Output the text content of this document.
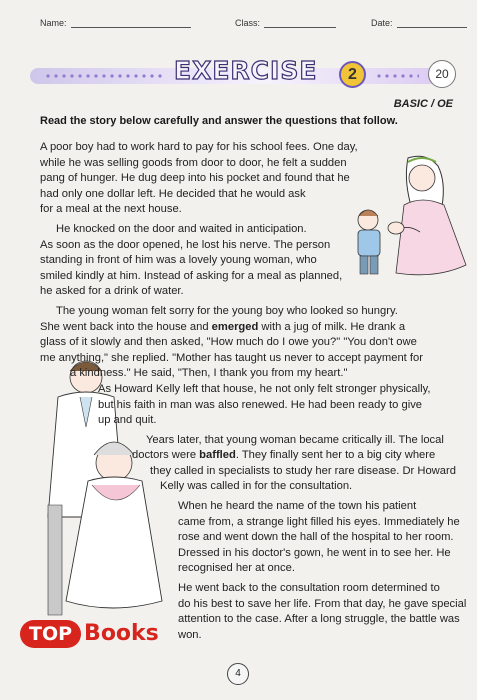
Name:	Class:	Date:
EXERCISE	2	20
BASIC / OE
Read the story below carefully and answer the questions that follow.
A poor boy had to work hard to pay for his school fees. One day,
while he was selling goods from door to door, he felt a sudden
pang of hunger. He dug deep into his pocket and found that he
had only one dollar left. He decided that he would ask
for a meal at the next house.
He knocked on the door and waited in anticipation.
As soon as the door opened, he lost his nerve. The person
standing in front of him was a lovely young woman, who
smiled kindly at him. Instead of asking for a meal as planned,
he asked for a drink of water.
The young woman felt sorry for the young boy who looked so hungry.
She went back into the house and emerged with a jug of milk. He drank a
glass of it slowly and then asked, "How much do I owe you?" "You don't owe
me anything," she replied. "Mother has taught us never to accept payment for
a kindness." He said, "Then, I thank you from my heart."
As Howard Kelly left that house, he not only felt stronger physically,
but his faith in man was also renewed. He had been ready to give
up and quit.
Years later, that young woman became critically ill. The local
doctors were baffled. They finally sent her to a big city where
they called in specialists to study her rare disease. Dr Howard
Kelly was called in for the consultation.
When he heard the name of the town his patient
came from, a strange light filled his eyes. Immediately he
rose and went down the hall of the hospital to her room.
Dressed in his doctor's gown, he went in to see her. He
recognised her at once.
He went back to the consultation room determined to
do his best to save her life. From that day, he gave special
attention to the case. After a long struggle, the battle was
won.
TOP Books
4
